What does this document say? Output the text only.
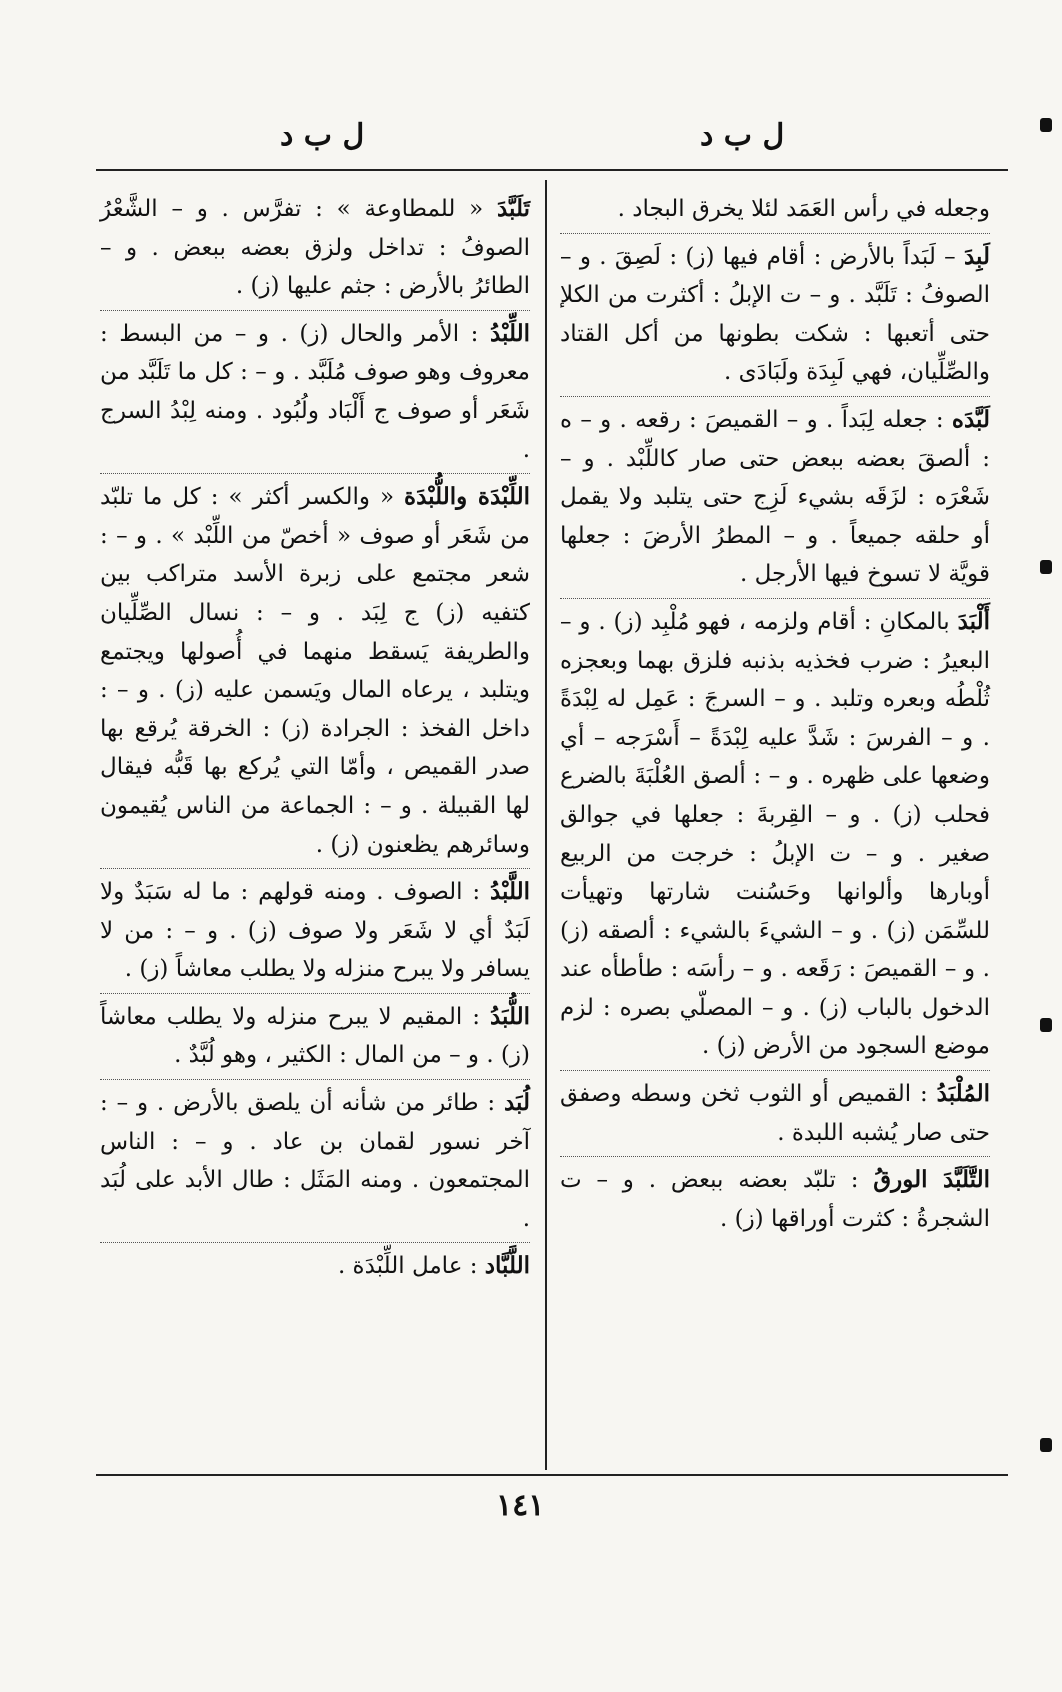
ل ب د
ل ب د

وجعله في رأس العَمَد لئلا يخرق البجاد .

لَبِدَ – لَبَداً بالأرض : أقام فيها (ز) : لَصِقَ . و – الصوفُ : تَلَبَّد . و – ت الإبلُ : أكثرت من الكلإ حتى أتعبها : شكت بطونها من أكل القتاد والصِّلِّيان، فهي لَبِدَة ولَبَادَى .

لَبَّدَه : جعله لِبَداً . و – القميصَ : رقعه . و – ه : ألصقَ بعضه ببعض حتى صار كاللِّبْد . و – شَعْرَه : لزَقَه بشيء لَزِج حتى يتلبد ولا يقمل أو حلقه جميعاً . و – المطرُ الأرضَ : جعلها قويَّة لا تسوخ فيها الأرجل .

أَلْبَدَ بالمكانِ : أقام ولزمه ، فهو مُلْبِد (ز) . و – البعيرُ : ضرب فخذيه بذنبه فلزق بهما وبعجزه ثُلْطُه وبعره وتلبد . و – السرجَ : عَمِل له لِبْدَةً . و – الفرسَ : شَدَّ عليه لِبْدَةً – أَسْرَجه – أي وضعها على ظهره . و – : ألصق العُلْبَةَ بالضرع فحلب (ز) . و – القِربةَ : جعلها في جوالق صغير . و – ت الإبلُ : خرجت من الربيع أوبارها وألوانها وحَسُنت شارتها وتهيأت للسِّمَن (ز) . و – الشيءَ بالشيء : ألصقه (ز) . و – القميصَ : رَقَعه . و – رأسَه : طأطأه عند الدخول بالباب (ز) . و – المصلّي بصره : لزم موضع السجود من الأرض (ز) .

المُلْبَدُ : القميص أو الثوب ثخن وسطه وصفق حتى صار يُشبه اللبدة .

التَّلَبَّدَ الورقُ : تلبّد بعضه ببعض . و – ت الشجرةُ : كثرت أوراقها (ز) .

تَلَبَّدَ « للمطاوعة » : تفرَّس . و – الشَّعْرُ الصوفُ : تداخل ولزق بعضه ببعض . و – الطائرُ بالأرض : جثم عليها (ز) .

اللِّبْدُ : الأمر والحال (ز) . و – من البسط : معروف وهو صوف مُلَبَّد . و – : كل ما تَلَبَّد من شَعَر أو صوف ج أَلْبَاد ولُبُود . ومنه لِبْدُ السرج .

اللِّبْدَة واللُّبْدَة « والكسر أكثر » : كل ما تلبّد من شَعَر أو صوف « أخصّ من اللِّبْد » . و – : شعر مجتمع على زبرة الأسد متراكب بين كتفيه (ز) ج لِبَد . و – : نسال الصِّلِّيان والطريفة يَسقط منهما في أُصولها ويجتمع ويتلبد ، يرعاه المال ويَسمن عليه (ز) . و – : داخل الفخذ : الجرادة (ز) : الخرقة يُرقع بها صدر القميص ، وأمّا التي يُركع بها قَبُّه فيقال لها القبيلة . و – : الجماعة من الناس يُقيمون وسائرهم يظعنون (ز) .

اللَّبْدُ : الصوف . ومنه قولهم : ما له سَبَدٌ ولا لَبَدٌ أي لا شَعَر ولا صوف (ز) . و – : من لا يسافر ولا يبرح منزله ولا يطلب معاشاً (ز) .

اللُّبَدُ : المقيم لا يبرح منزله ولا يطلب معاشاً (ز) . و – من المال : الكثير ، وهو لُبَّدٌ .

لُبَد : طائر من شأنه أن يلصق بالأرض . و – : آخر نسور لقمان بن عاد . و – : الناس المجتمعون . ومنه المَثَل : طال الأبد على لُبَد .

اللَّبَّاد : عامل اللِّبْدَة .

١٤١
